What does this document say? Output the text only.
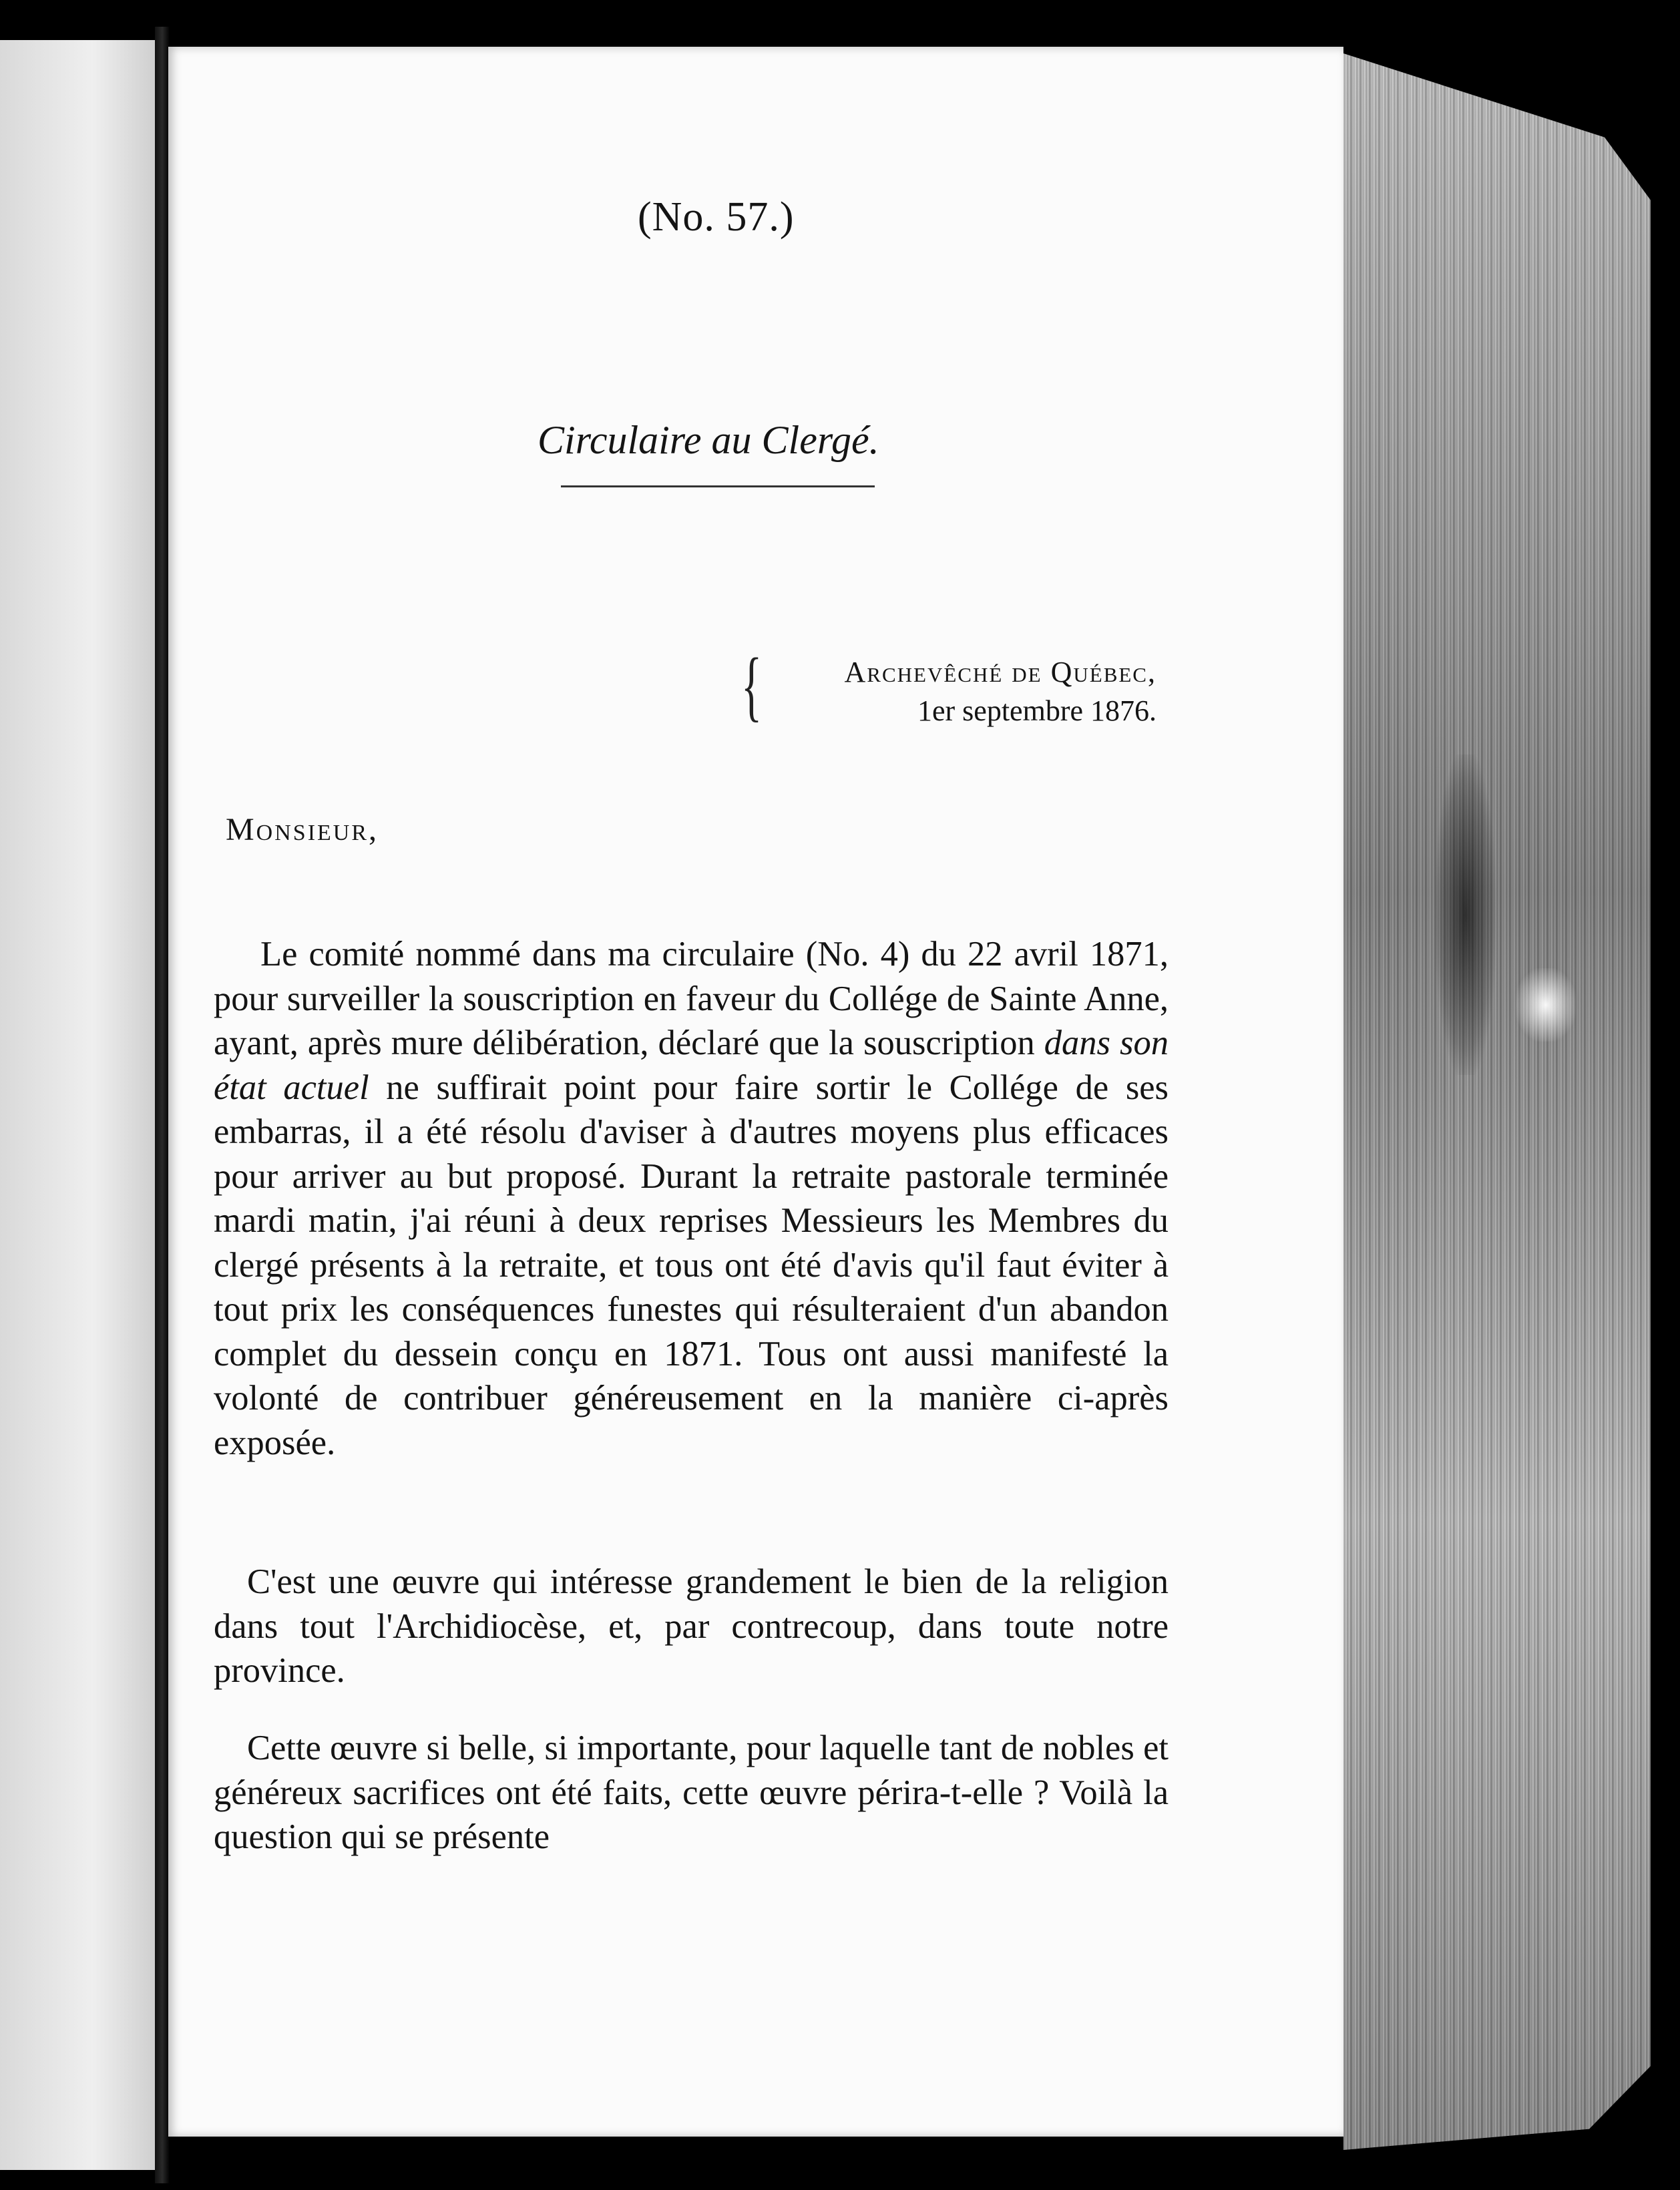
(No. 57.)
Circulaire au Clergé.
{	Archevêché de Québec,
1er septembre 1876.
Monsieur,
Le comité nommé dans ma circulaire (No. 4) du 22 avril 1871, pour surveiller la souscription en faveur du Collége de Sainte Anne, ayant, après mure délibération, déclaré que la souscription dans son état actuel ne suffirait point pour faire sortir le Collége de ses embarras, il a été résolu d'aviser à d'autres moyens plus efficaces pour arriver au but proposé. Durant la retraite pastorale terminée mardi matin, j'ai réuni à deux reprises Messieurs les Membres du clergé présents à la retraite, et tous ont été d'avis qu'il faut éviter à tout prix les conséquences funestes qui résulteraient d'un abandon complet du dessein conçu en 1871. Tous ont aussi manifesté la volonté de contribuer généreusement en la manière ci-après exposée.
C'est une œuvre qui intéresse grandement le bien de la religion dans tout l'Archidiocèse, et, par contrecoup, dans toute notre province.
Cette œuvre si belle, si importante, pour laquelle tant de nobles et généreux sacrifices ont été faits, cette œuvre périra-t-elle ? Voilà la question qui se présente
